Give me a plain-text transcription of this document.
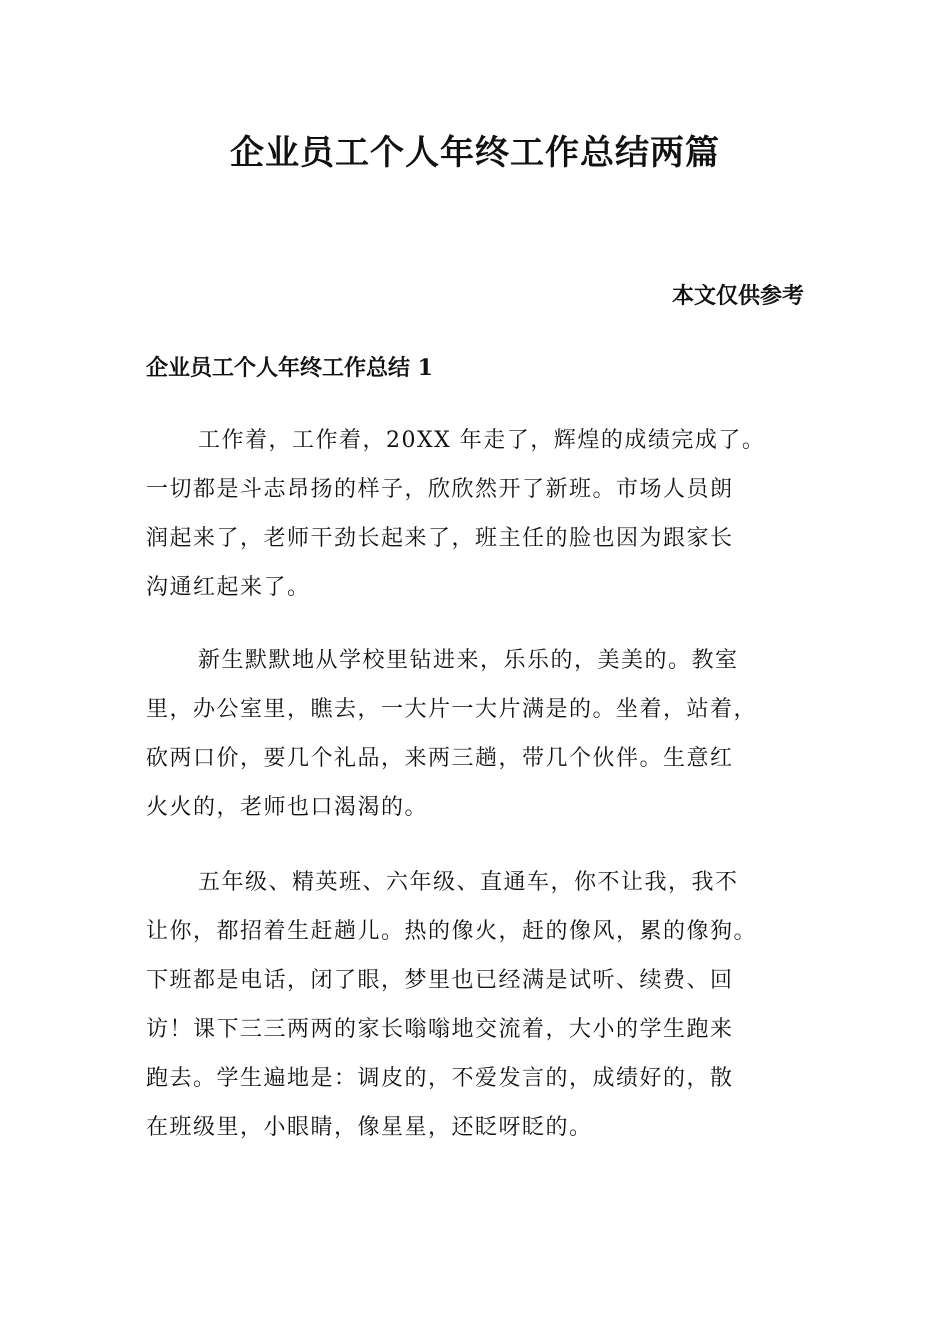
企业员工个人年终工作总结两篇
本文仅供参考
企业员工个人年终工作总结 1
工作着，工作着，20XX 年走了，辉煌的成绩完成了。
一切都是斗志昂扬的样子，欣欣然开了新班。市场人员朗
润起来了，老师干劲长起来了，班主任的脸也因为跟家长
沟通红起来了。
新生默默地从学校里钻进来，乐乐的，美美的。教室
里，办公室里，瞧去，一大片一大片满是的。坐着，站着，
砍两口价，要几个礼品，来两三趟，带几个伙伴。生意红
火火的，老师也口渴渴的。
五年级、精英班、六年级、直通车，你不让我，我不
让你，都招着生赶趟儿。热的像火，赶的像风，累的像狗。
下班都是电话，闭了眼，梦里也已经满是试听、续费、回
访！课下三三两两的家长嗡嗡地交流着，大小的学生跑来
跑去。学生遍地是：调皮的，不爱发言的，成绩好的，散
在班级里，小眼睛，像星星，还眨呀眨的。
